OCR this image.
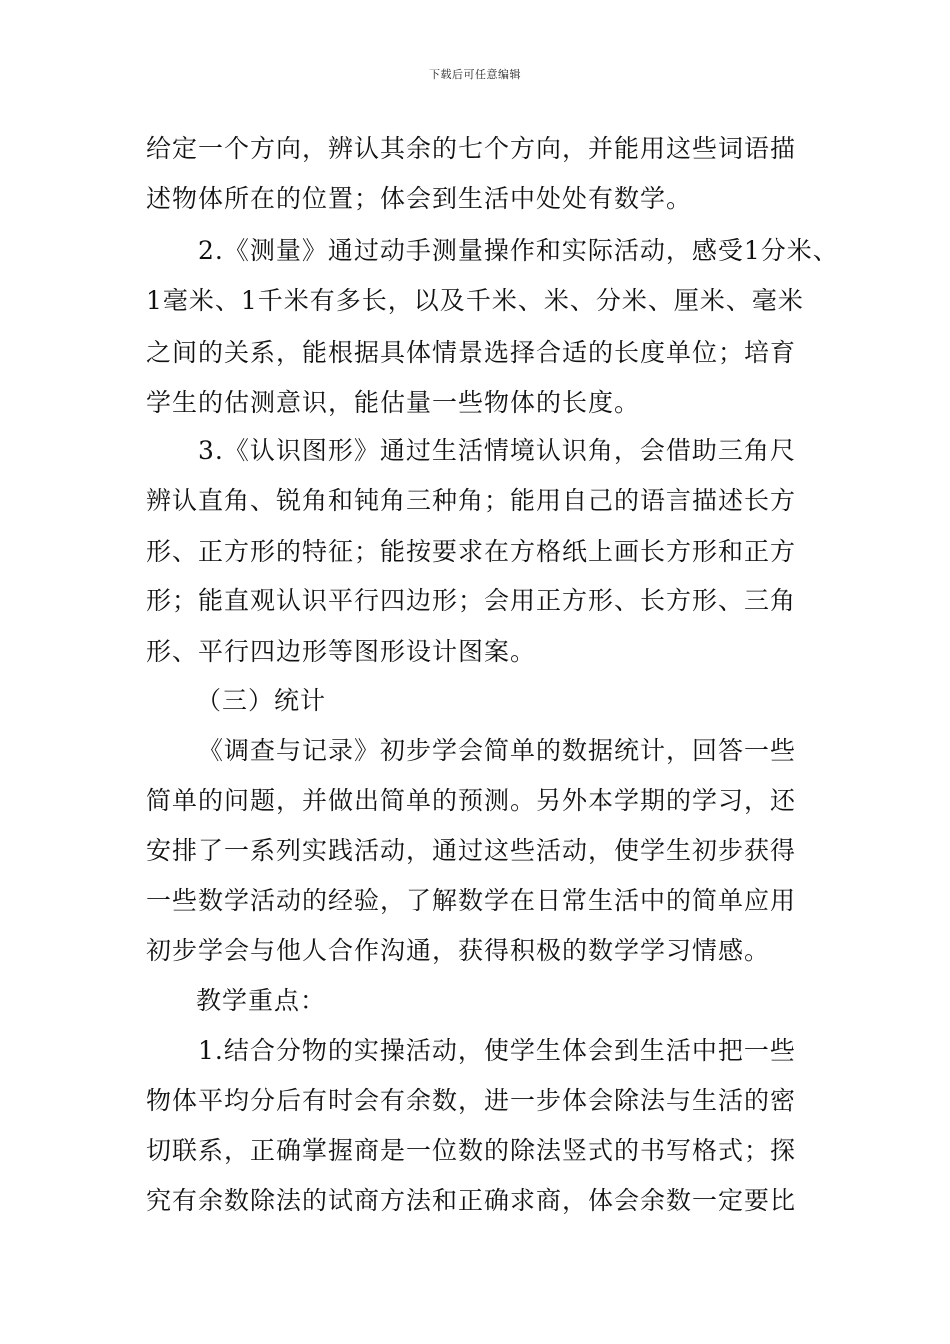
下载后可任意编辑
给定一个方向，辨认其余的七个方向，并能用这些词语描
述物体所在的位置；体会到生活中处处有数学。
2.《测量》通过动手测量操作和实际活动，感受1分米、
1毫米、1千米有多长，以及千米、米、分米、厘米、毫米
之间的关系，能根据具体情景选择合适的长度单位；培育
学生的估测意识，能估量一些物体的长度。
3.《认识图形》通过生活情境认识角，会借助三角尺
辨认直角、锐角和钝角三种角；能用自己的语言描述长方
形、正方形的特征；能按要求在方格纸上画长方形和正方
形；能直观认识平行四边形；会用正方形、长方形、三角
形、平行四边形等图形设计图案。
（三）统计
《调查与记录》初步学会简单的数据统计，回答一些
简单的问题，并做出简单的预测。另外本学期的学习，还
安排了一系列实践活动，通过这些活动，使学生初步获得
一些数学活动的经验，了解数学在日常生活中的简单应用
初步学会与他人合作沟通，获得积极的数学学习情感。
教学重点：
1.结合分物的实操活动，使学生体会到生活中把一些
物体平均分后有时会有余数，进一步体会除法与生活的密
切联系，正确掌握商是一位数的除法竖式的书写格式；探
究有余数除法的试商方法和正确求商，体会余数一定要比
